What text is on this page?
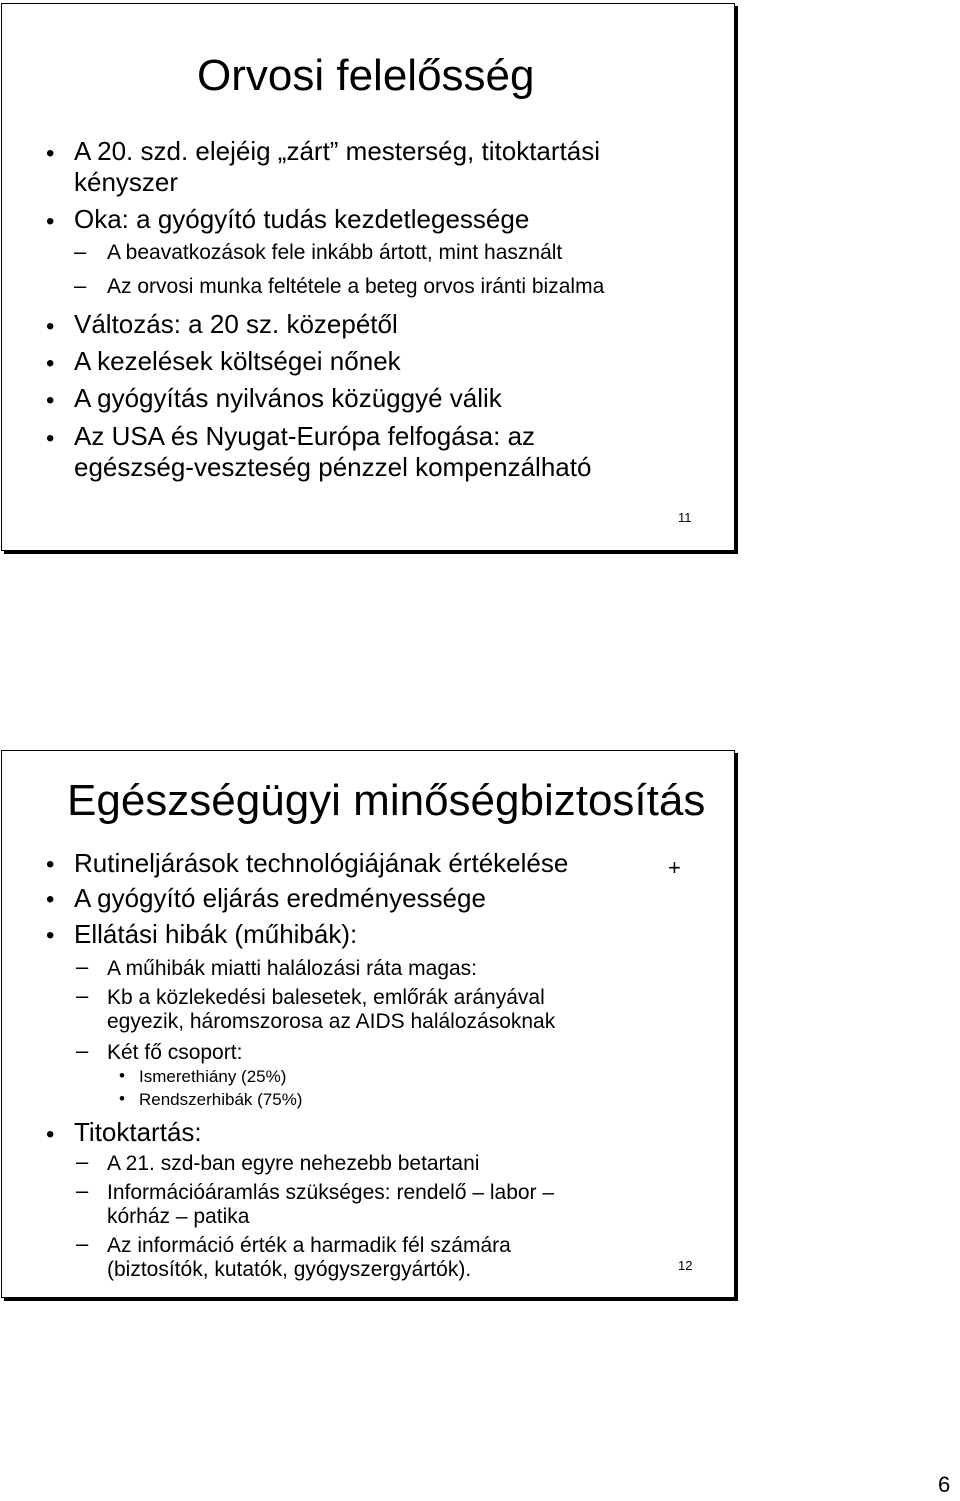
Orvosi felelősség
• A 20. szd. elejéig „zárt” mesterség, titoktartási
kényszer
• Oka: a gyógyító tudás kezdetlegessége
– A beavatkozások fele inkább ártott, mint használt
– Az orvosi munka feltétele a beteg orvos iránti bizalma
• Változás: a 20 sz. közepétől
• A kezelések költségei nőnek
• A gyógyítás nyilvános közüggyé válik
• Az USA és Nyugat-Európa felfogása: az
egészség-veszteség pénzzel kompenzálható
11
Egészségügyi minőségbiztosítás
• Rutineljárások technológiájának értékelése	+
• A gyógyító eljárás eredményessége
• Ellátási hibák (műhibák):
– A műhibák miatti halálozási ráta magas:
– Kb a közlekedési balesetek, emlőrák arányával
egyezik, háromszorosa az AIDS halálozásoknak
– Két fő csoport:
• Ismerethiány (25%)
• Rendszerhibák (75%)
• Titoktartás:
– A 21. szd-ban egyre nehezebb betartani
– Információáramlás szükséges: rendelő – labor –
kórház – patika
– Az információ érték a harmadik fél számára
(biztosítók, kutatók, gyógyszergyártók).	12
6
